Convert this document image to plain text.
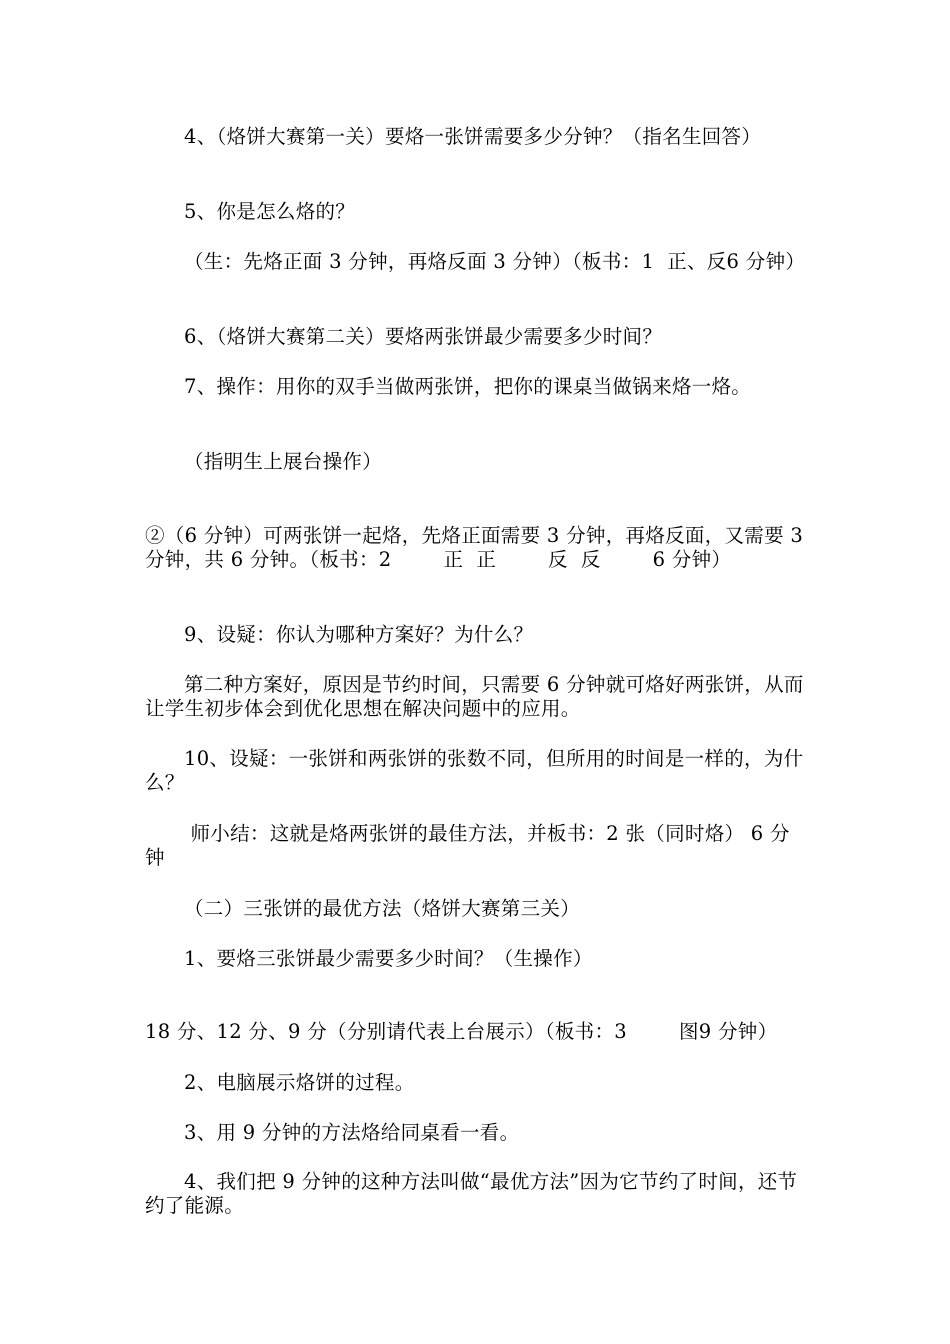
4、（烙饼大赛第一关）要烙一张饼需要多少分钟？（指名生回答）

5、你是怎么烙的？

（生：先烙正面 3 分钟，再烙反面 3 分钟）（板书：1  正、反6 分钟）

6、（烙饼大赛第二关）要烙两张饼最少需要多少时间？

7、操作：用你的双手当做两张饼，把你的课桌当做锅来烙一烙。

（指明生上展台操作）

②（6 分钟）可两张饼一起烙，先烙正面需要 3 分钟，再烙反面，又需要 3 分钟，共 6 分钟。（板书：2        正  正        反  反        6 分钟）

9、设疑：你认为哪种方案好？为什么？

第二种方案好，原因是节约时间，只需要 6 分钟就可烙好两张饼，从而让学生初步体会到优化思想在解决问题中的应用。

10、设疑：一张饼和两张饼的张数不同，但所用的时间是一样的，为什么？

师小结：这就是烙两张饼的最佳方法，并板书：2 张（同时烙） 6 分钟

（二）三张饼的最优方法（烙饼大赛第三关）

1、要烙三张饼最少需要多少时间？（生操作）

18 分、12 分、9 分（分别请代表上台展示）（板书：3        图9 分钟）

2、电脑展示烙饼的过程。

3、用 9 分钟的方法烙给同桌看一看。

4、我们把 9 分钟的这种方法叫做“最优方法”因为它节约了时间，还节约了能源。
